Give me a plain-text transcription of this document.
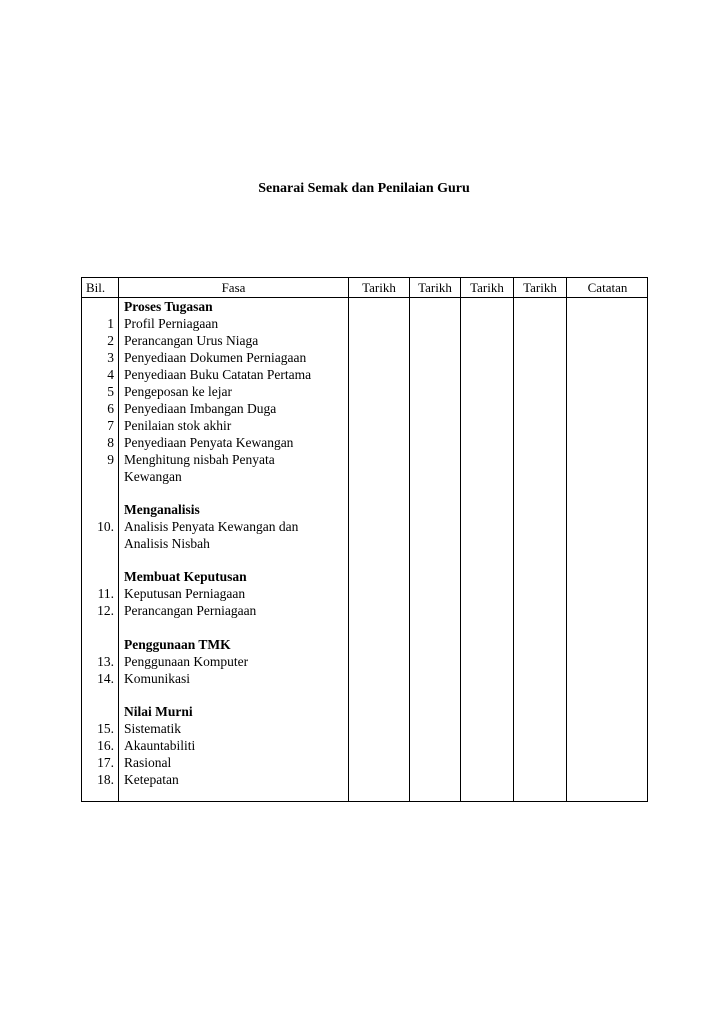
Senarai Semak dan Penilaian Guru
Bil.	Fasa	Tarikh	Tarikh	Tarikh	Tarikh	Catatan
Proses Tugasan
1 Profil Perniagaan
2 Perancangan Urus Niaga
3 Penyediaan Dokumen Perniagaan
4 Penyediaan Buku Catatan Pertama
5 Pengeposan ke lejar
6 Penyediaan Imbangan Duga
7 Penilaian stok akhir
8 Penyediaan Penyata Kewangan
9 Menghitung nisbah Penyata Kewangan
Menganalisis
10. Analisis Penyata Kewangan dan Analisis Nisbah
Membuat Keputusan
11. Keputusan Perniagaan
12. Perancangan Perniagaan
Penggunaan TMK
13. Penggunaan Komputer
14. Komunikasi
Nilai Murni
15. Sistematik
16. Akauntabiliti
17. Rasional
18. Ketepatan
